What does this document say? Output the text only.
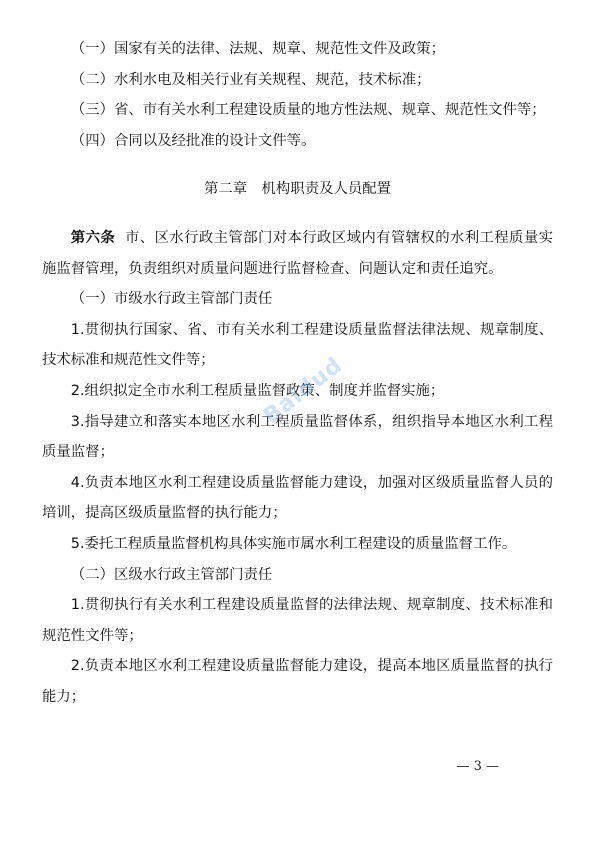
（一）国家有关的法律、法规、规章、规范性文件及政策；

（二）水利水电及相关行业有关规程、规范，技术标准；

（三）省、市有关水利工程建设质量的地方性法规、规章、规范性文件等；

（四）合同以及经批准的设计文件等。

第二章　机构职责及人员配置

第六条 市、区水行政主管部门对本行政区域内有管辖权的水利工程质量实施监督管理，负责组织对质量问题进行监督检查、问题认定和责任追究。

（一）市级水行政主管部门责任

1.贯彻执行国家、省、市有关水利工程建设质量监督法律法规、规章制度、技术标准和规范性文件等；

2.组织拟定全市水利工程质量监督政策、制度并监督实施；

3.指导建立和落实本地区水利工程质量监督体系，组织指导本地区水利工程质量监督；

4.负责本地区水利工程建设质量监督能力建设，加强对区级质量监督人员的培训，提高区级质量监督的执行能力；

5.委托工程质量监督机构具体实施市属水利工程建设的质量监督工作。

（二）区级水行政主管部门责任

1.贯彻执行有关水利工程建设质量监督的法律法规、规章制度、技术标准和规范性文件等；

2.负责本地区水利工程建设质量监督能力建设，提高本地区质量监督的执行能力；

Baidud
— 3 —
